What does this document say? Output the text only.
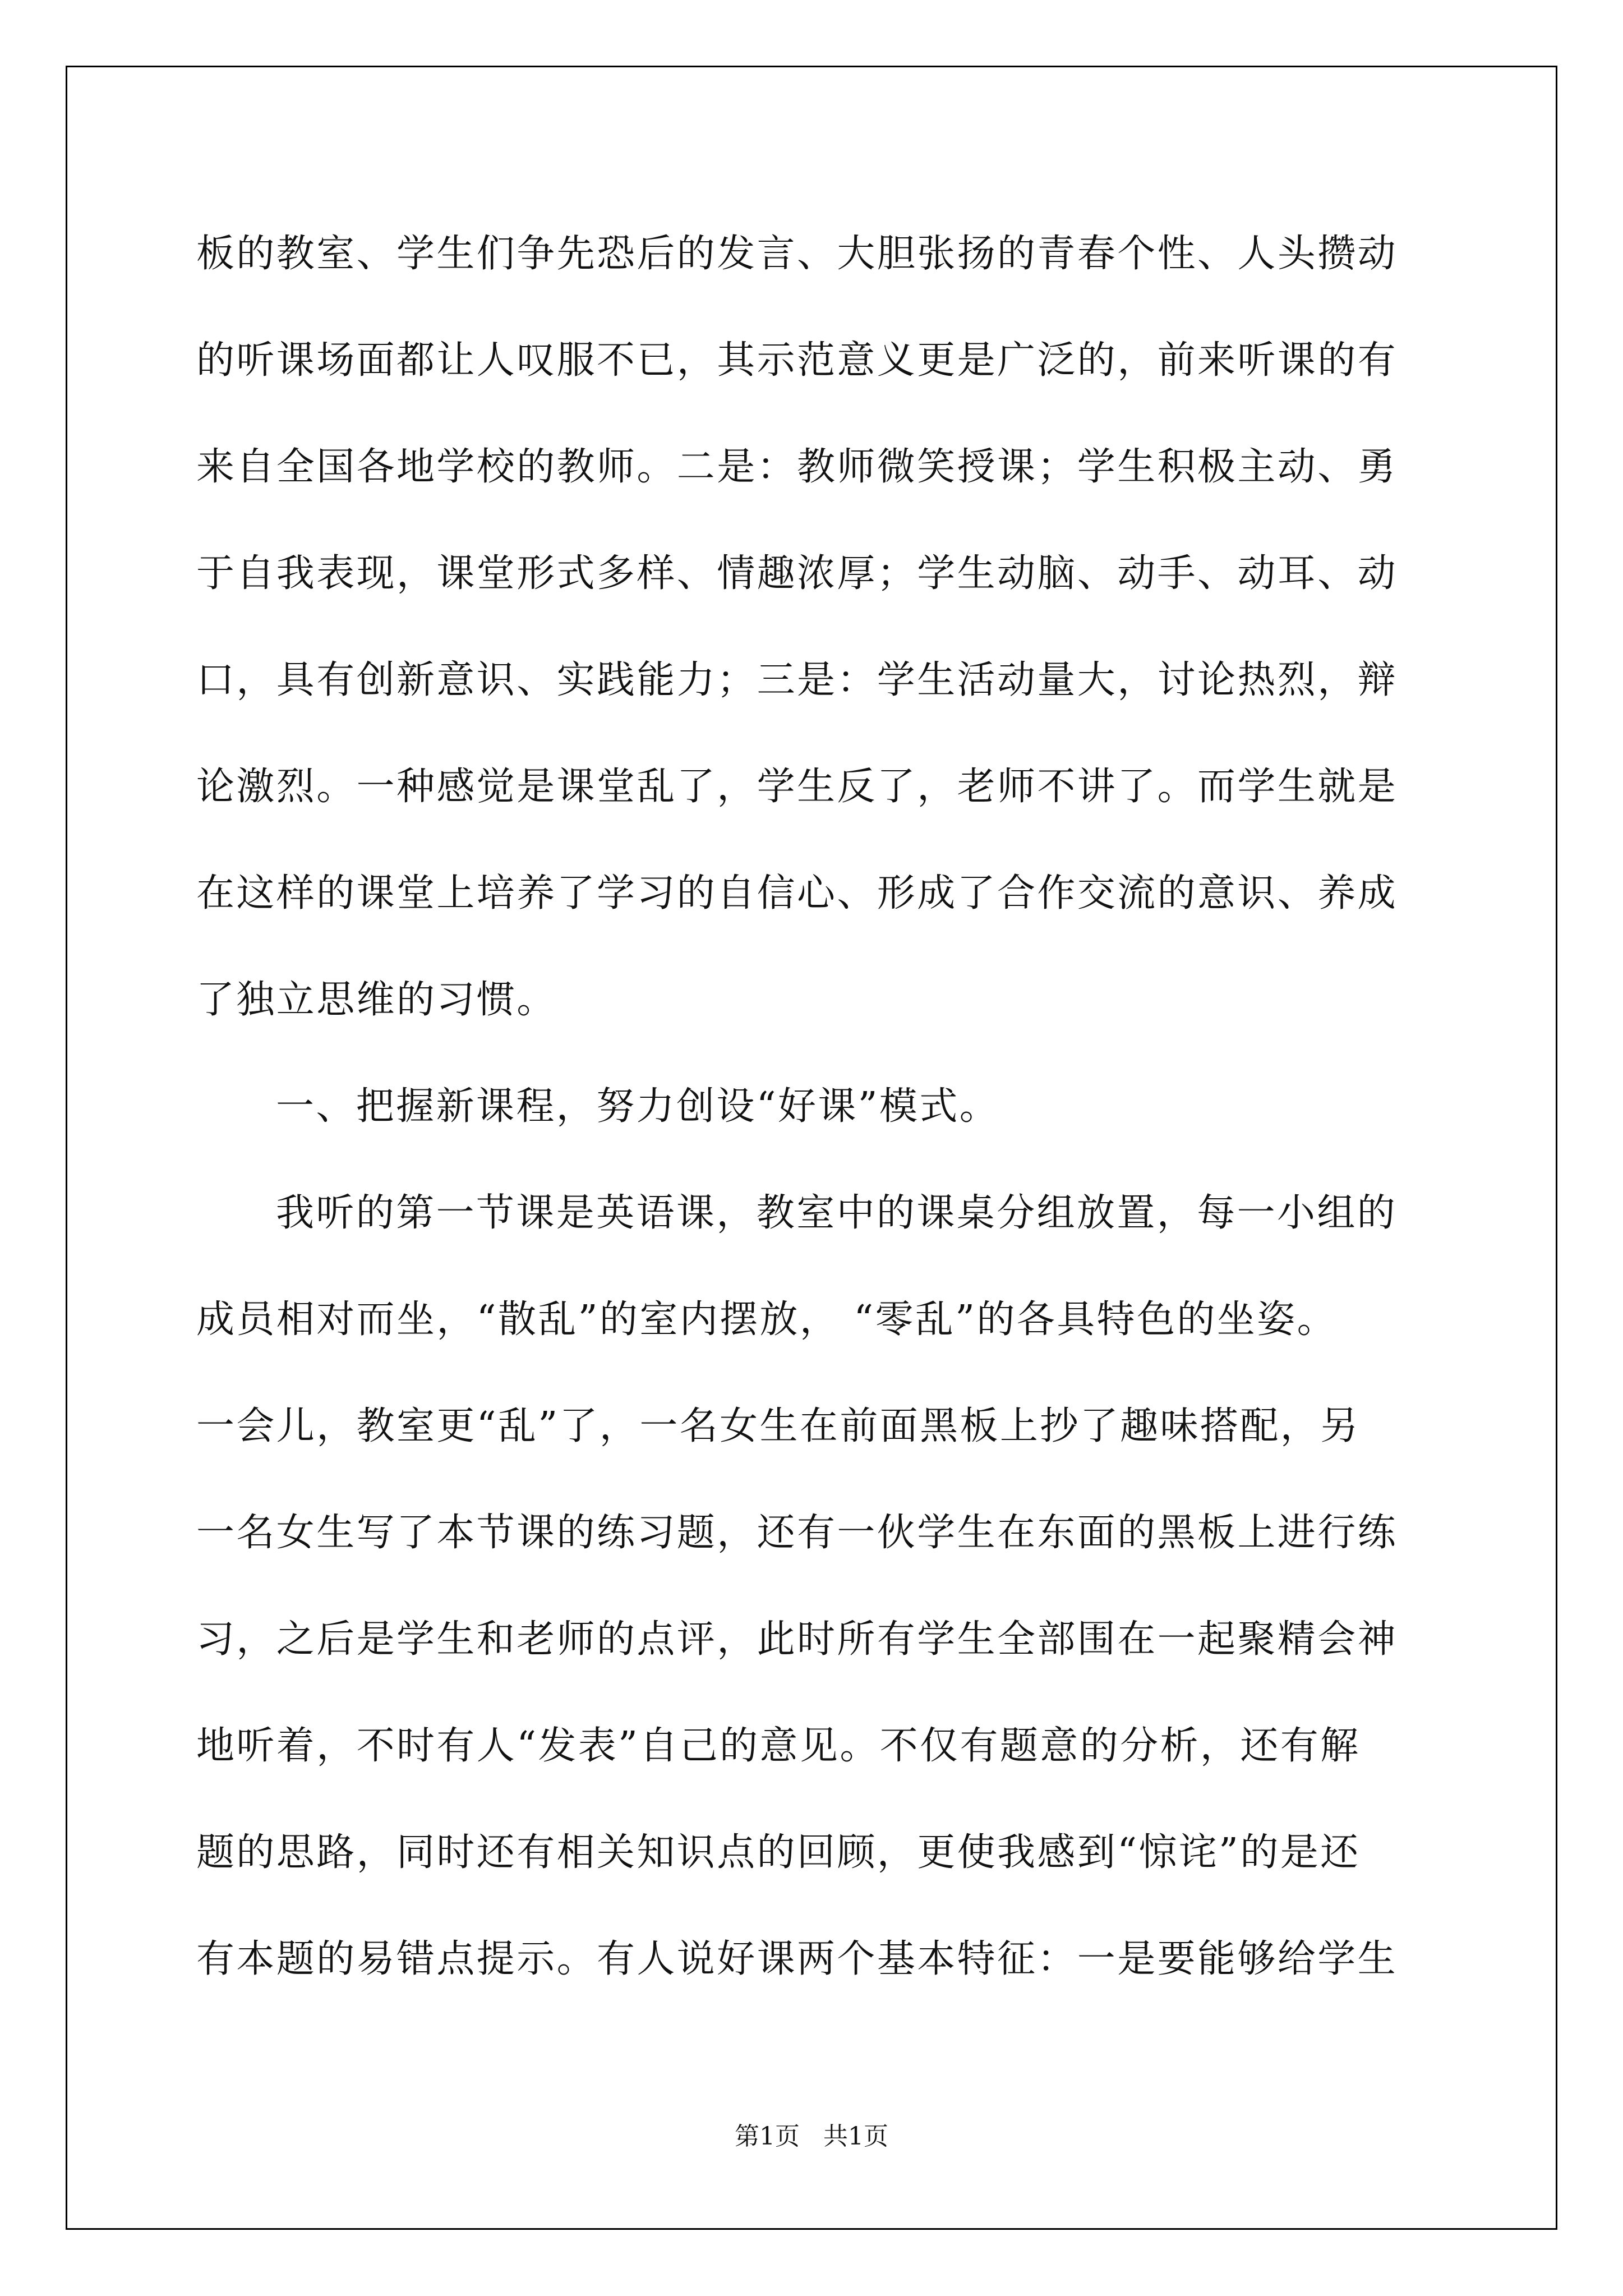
板的教室、学生们争先恐后的发言、大胆张扬的青春个性、人头攒动
的听课场面都让人叹服不已，其示范意义更是广泛的，前来听课的有
来自全国各地学校的教师。二是：教师微笑授课；学生积极主动、勇
于自我表现，课堂形式多样、情趣浓厚；学生动脑、动手、动耳、动
口，具有创新意识、实践能力；三是：学生活动量大，讨论热烈，辩
论激烈。一种感觉是课堂乱了，学生反了，老师不讲了。而学生就是
在这样的课堂上培养了学习的自信心、形成了合作交流的意识、养成
了独立思维的习惯。
一、把握新课程，努力创设“好课”模式。
我听的第一节课是英语课，教室中的课桌分组放置，每一小组的
成员相对而坐，“散乱”的室内摆放， “零乱”的各具特色的坐姿。
一会儿，教室更“乱”了，一名女生在前面黑板上抄了趣味搭配，另
一名女生写了本节课的练习题，还有一伙学生在东面的黑板上进行练
习，之后是学生和老师的点评，此时所有学生全部围在一起聚精会神
地听着，不时有人“发表”自己的意见。不仅有题意的分析，还有解
题的思路，同时还有相关知识点的回顾，更使我感到“惊诧”的是还
有本题的易错点提示。有人说好课两个基本特征：一是要能够给学生
第1页   共1页
